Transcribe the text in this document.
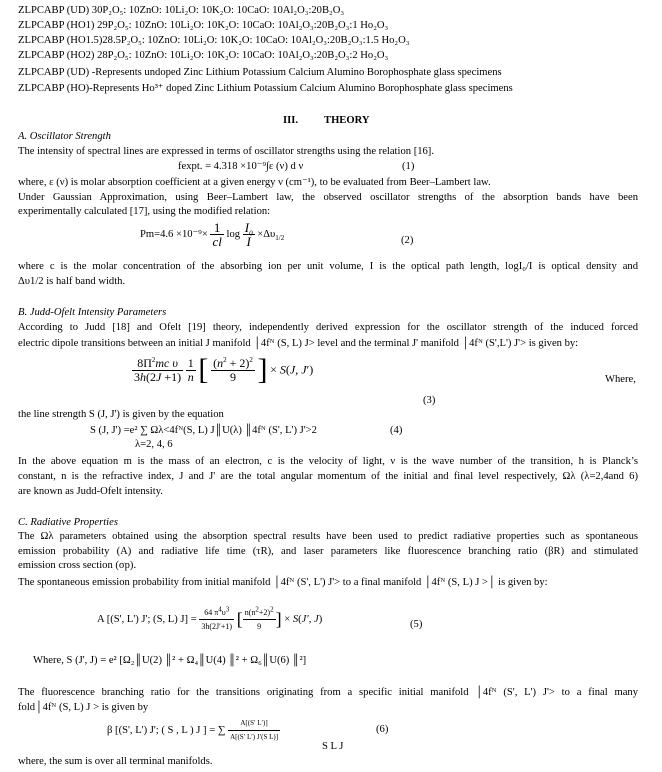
ZLPCABP (UD) 30P₂O₅: 10ZnO: 10Li₂O: 10K₂O: 10CaO: 10Al₂O₃:20B₂O₃
ZLPCABP (HO1) 29P₂O₅: 10ZnO: 10Li₂O: 10K₂O: 10CaO: 10Al₂O₃:20B₂O₃:1 Ho₂O₃
ZLPCABP (HO1.5)28.5P₂O₅: 10ZnO: 10Li₂O: 10K₂O: 10CaO: 10Al₂O₃:20B₂O₃:1.5 Ho₂O₃
ZLPCABP (HO2) 28P₂O₅: 10ZnO: 10Li₂O: 10K₂O: 10CaO: 10Al₂O₃:20B₂O₃:2 Ho₂O₃
ZLPCABP (UD) -Represents undoped Zinc Lithium Potassium Calcium Alumino Borophosphate glass specimens
ZLPCABP (HO)-Represents Ho³⁺ doped Zinc Lithium Potassium Calcium Alumino Borophosphate glass specimens
III. THEORY
A. Oscillator Strength
The intensity of spectral lines are expressed in terms of oscillator strengths using the relation [16].
fexpt. = 4.318 ×10⁻⁹∫ε (ν) d ν	(1)
where, ε (ν) is molar absorption coefficient at a given energy ν (cm⁻¹), to be evaluated from Beer–Lambert law.
Under Gaussian Approximation, using Beer–Lambert law, the observed oscillator strengths of the absorption bands have been
experimentally calculated [17], using the modified relation:
$Pm=4.6 \times 10^{-9}\times \frac{1}{cl}$ $\log \frac{I_0}{I} \times\Delta\upsilon_{1/2}$	(2)
where c is the molar concentration of the absorbing ion per unit volume, I is the optical path length, logI₀/I is optical density and
Δυ1/2 is half band width.
B. Judd-Ofelt Intensity Parameters
According to Judd [18] and Ofelt [19] theory, independently derived expression for the oscillator strength of the induced forced
electric dipole transitions between an initial J manifold │4fᴺ (S, L) J> level and the terminal J' manifold │4fᴺ (S',L') J'> is given by:
$\frac{8\Pi^2mc \upsilon}{3h(2J +1)}$
$\frac{1}{n}$ [ $\frac{(n^2 + 2)^2}{9}$ ] × S(J, J′)
Where,
(3)
the line strength S (J, J') is given by the equation
S (J, J') =e² ∑ Ωλ<4fᴺ(S, L) J║U(λ) ║4fᴺ (S', L') J'>2	(4)
λ=2, 4, 6
In the above equation m is the mass of an electron, c is the velocity of light, ν is the wave number of the transition, h is Planck’s
constant, n is the refractive index, J and J' are the total angular momentum of the initial and final level respectively, Ωλ (λ=2,4and 6)
are known as Judd-Ofelt intensity.
C. Radiative Properties
The Ωλ parameters obtained using the absorption spectral results have been used to predict radiative properties such as spontaneous
emission probability (A) and radiative life time (τR), and laser parameters like fluorescence branching ratio (βR) and stimulated
emission cross section (σp).
The spontaneous emission probability from initial manifold │4fᴺ (S', L') J'> to a final manifold │4fᴺ (S, L) J >│ is given by:
A [(S', L') J'; (S, L) $J] = \frac{64 \pi^4\upsilon^3}{3h(2J'+1)}$ [ $\frac{n(n^2+2)^2}{9}$ ] × S(J′, J)	(5)
Where, S (J', J) = e² [Ω₂║U(2) ║² + Ω₄║U(4) ║² + Ω₆║U(6) ║²]
The fluorescence branching ratio for the transitions originating from a specific initial manifold │4fᴺ (S', L') J'> to a final many
fold│4fᴺ (S, L) J > is given by
β [(S', L') J'; ( S , L ) J ] = ∑ $\frac{A[(S' L')]}{\text{A[(S′ L′) J′(S L)]}}$	(6)
S L J
where, the sum is over all terminal manifolds.
